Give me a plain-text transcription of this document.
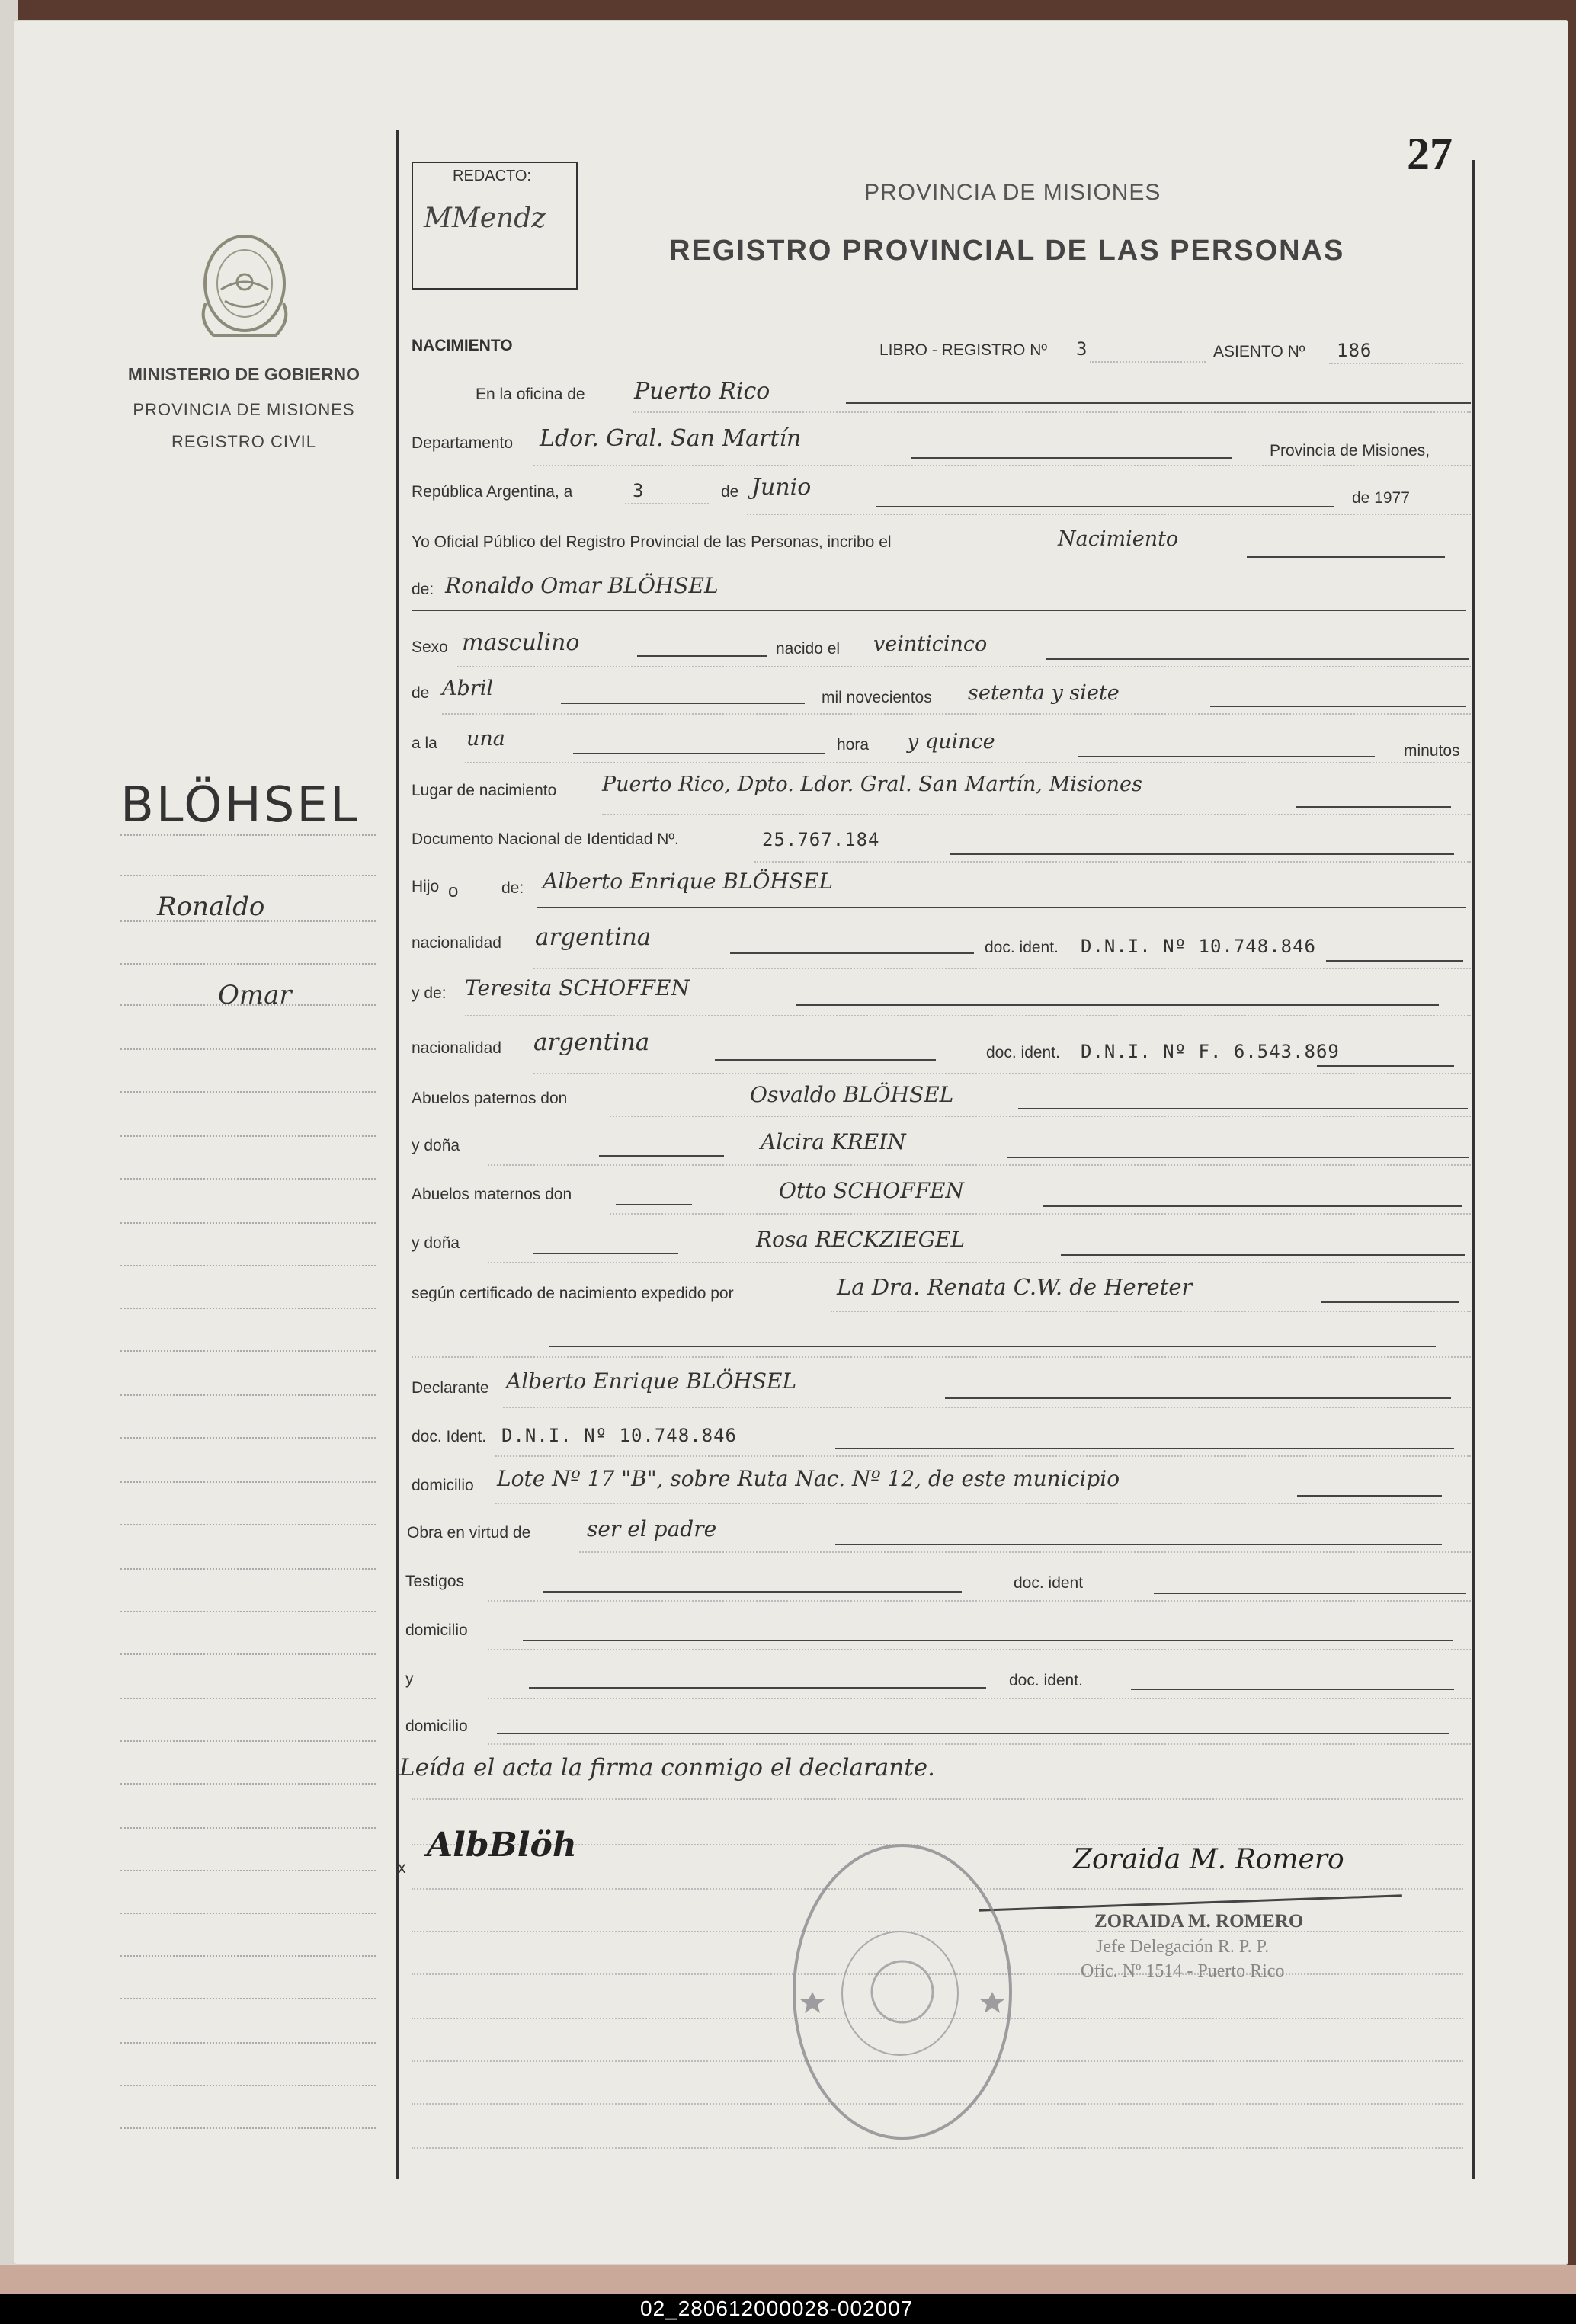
02_280612000028-002007
MINISTERIO DE GOBIERNO
PROVINCIA DE MISIONES
REGISTRO CIVIL
BLÖHSEL
Ronaldo
Omar
REDACTO:
MMendz
27
PROVINCIA DE MISIONES
REGISTRO PROVINCIAL DE LAS PERSONAS
NACIMIENTO	LIBRO - REGISTRO Nº 3	ASIENTO Nº 186
En la oficina de Puerto Rico
Departamento Ldor. Gral. San Martín	Provincia de Misiones,
República Argentina, a	3	de Junio	de 1977
Yo Oficial Público del Registro Provincial de las Personas, incribo el	Nacimiento
de: Ronaldo Omar BLÖHSEL
Sexo masculino	nacido el veinticinco
de Abril	mil novecientos setenta y siete
a la una	hora y quince	minutos
Lugar de nacimiento Puerto Rico, Dpto. Ldor. Gral. San Martín, Misiones
Documento Nacional de Identidad Nº.	25.767.184
Hijo o	de: Alberto Enrique BLÖHSEL
nacionalidad argentina	doc. ident. D.N.I. Nº 10.748.846
y de: Teresita SCHOFFEN
nacionalidad argentina	doc. ident. D.N.I. Nº F. 6.543.869
Abuelos paternos don	Osvaldo BLÖHSEL
y doña	Alcira KREIN
Abuelos maternos don	Otto SCHOFFEN
y doña	Rosa RECKZIEGEL
según certificado de nacimiento expedido por	La Dra. Renata C.W. de Hereter
Declarante Alberto Enrique BLÖHSEL
doc. Ident. D.N.I. Nº 10.748.846
domicilio Lote Nº 17 "B", sobre Ruta Nac. Nº 12, de este municipio
Obra en virtud de	ser el padre
Testigos	doc. ident
domicilio
y	doc. ident.
domicilio
Leída el acta la firma conmigo el declarante.
x
AlbBlöh	Zoraida M. Romero
ZORAIDA M. ROMERO
Jefe Delegación R. P. P.
Ofic. Nº 1514 - Puerto Rico
